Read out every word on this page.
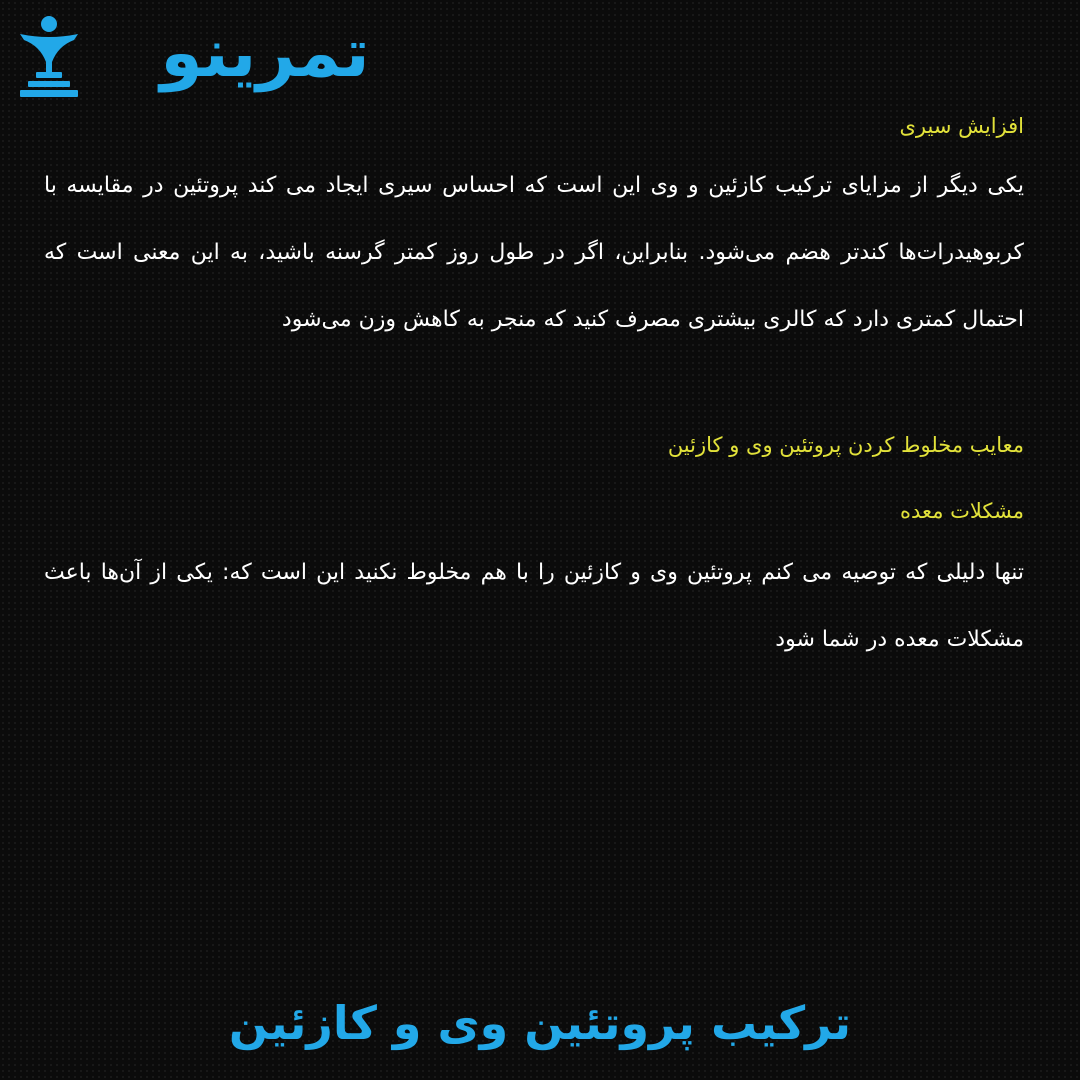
تمرینو
افزایش سیری

یکی دیگر از مزایای ترکیب کازئین و وی این است که احساس سیری ایجاد می کند پروتئین در مقایسه با کربوهیدرات‌ها کندتر هضم می‌شود. بنابراین، اگر در طول روز کمتر گرسنه باشید، به این معنی است که احتمال کمتری دارد که کالری بیشتری مصرف کنید که منجر به کاهش وزن می‌شود

معایب مخلوط کردن پروتئین وی و کازئین
مشکلات معده

تنها دلیلی که توصیه می کنم پروتئین وی و کازئین را با هم مخلوط نکنید این است که: یکی از آن‌ها باعث مشکلات معده در شما شود

ترکیب پروتئین وی و کازئین
